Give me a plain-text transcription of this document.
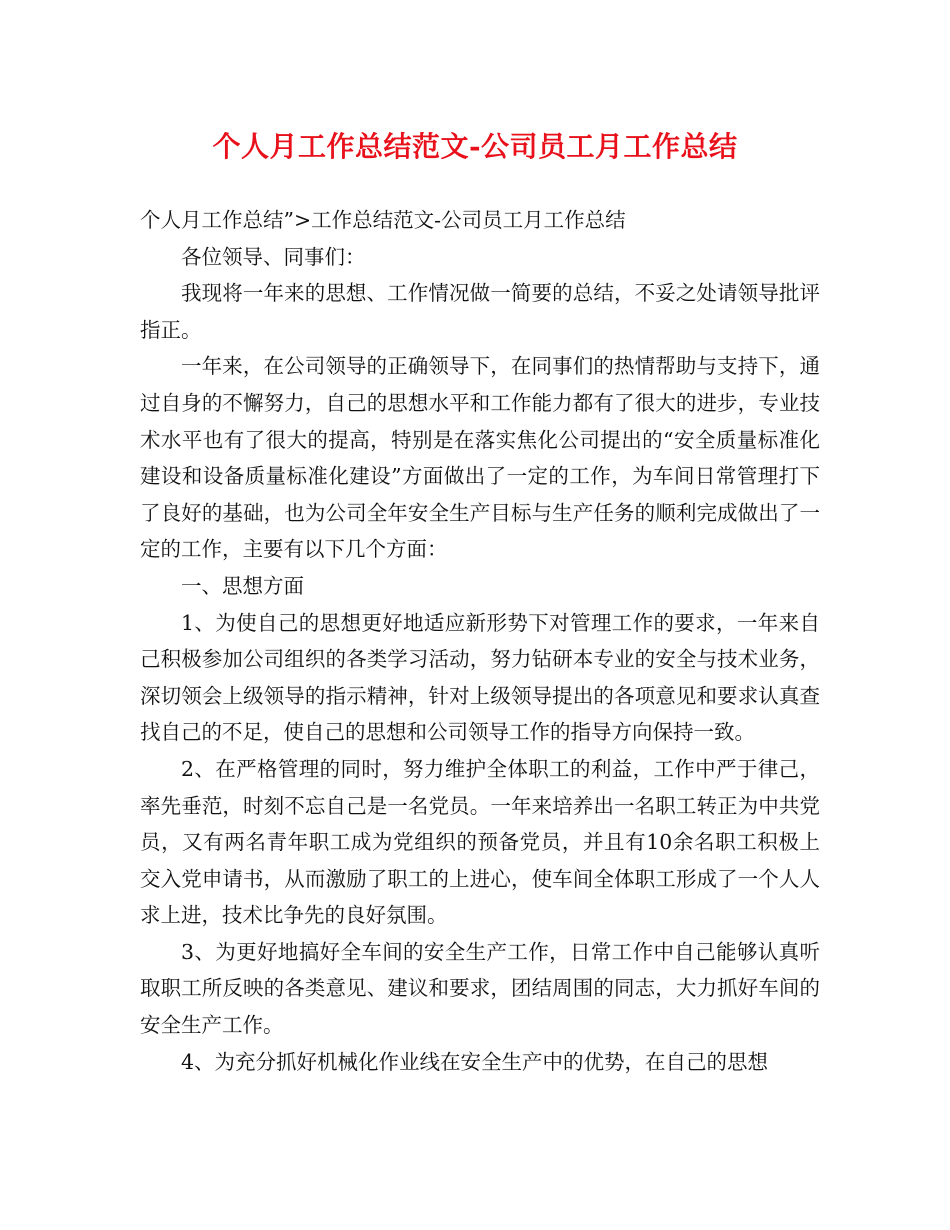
个人月工作总结范文-公司员工月工作总结

个人月工作总结”>工作总结范文-公司员工月工作总结

各位领导、同事们：

我现将一年来的思想、工作情况做一简要的总结，不妥之处请领导批评指正。

一年来，在公司领导的正确领导下，在同事们的热情帮助与支持下，通过自身的不懈努力，自己的思想水平和工作能力都有了很大的进步，专业技术水平也有了很大的提高，特别是在落实焦化公司提出的“安全质量标准化建设和设备质量标准化建设”方面做出了一定的工作，为车间日常管理打下了良好的基础，也为公司全年安全生产目标与生产任务的顺利完成做出了一定的工作，主要有以下几个方面：

一、思想方面

1、为使自己的思想更好地适应新形势下对管理工作的要求，一年来自己积极参加公司组织的各类学习活动，努力钻研本专业的安全与技术业务，深切领会上级领导的指示精神，针对上级领导提出的各项意见和要求认真查找自己的不足，使自己的思想和公司领导工作的指导方向保持一致。

2、在严格管理的同时，努力维护全体职工的利益，工作中严于律己，率先垂范，时刻不忘自己是一名党员。一年来培养出一名职工转正为中共党员，又有两名青年职工成为党组织的预备党员，并且有10余名职工积极上交入党申请书，从而激励了职工的上进心，使车间全体职工形成了一个人人求上进，技术比争先的良好氛围。

3、为更好地搞好全车间的安全生产工作，日常工作中自己能够认真听取职工所反映的各类意见、建议和要求，团结周围的同志，大力抓好车间的安全生产工作。

4、为充分抓好机械化作业线在安全生产中的优势，在自己的思想
